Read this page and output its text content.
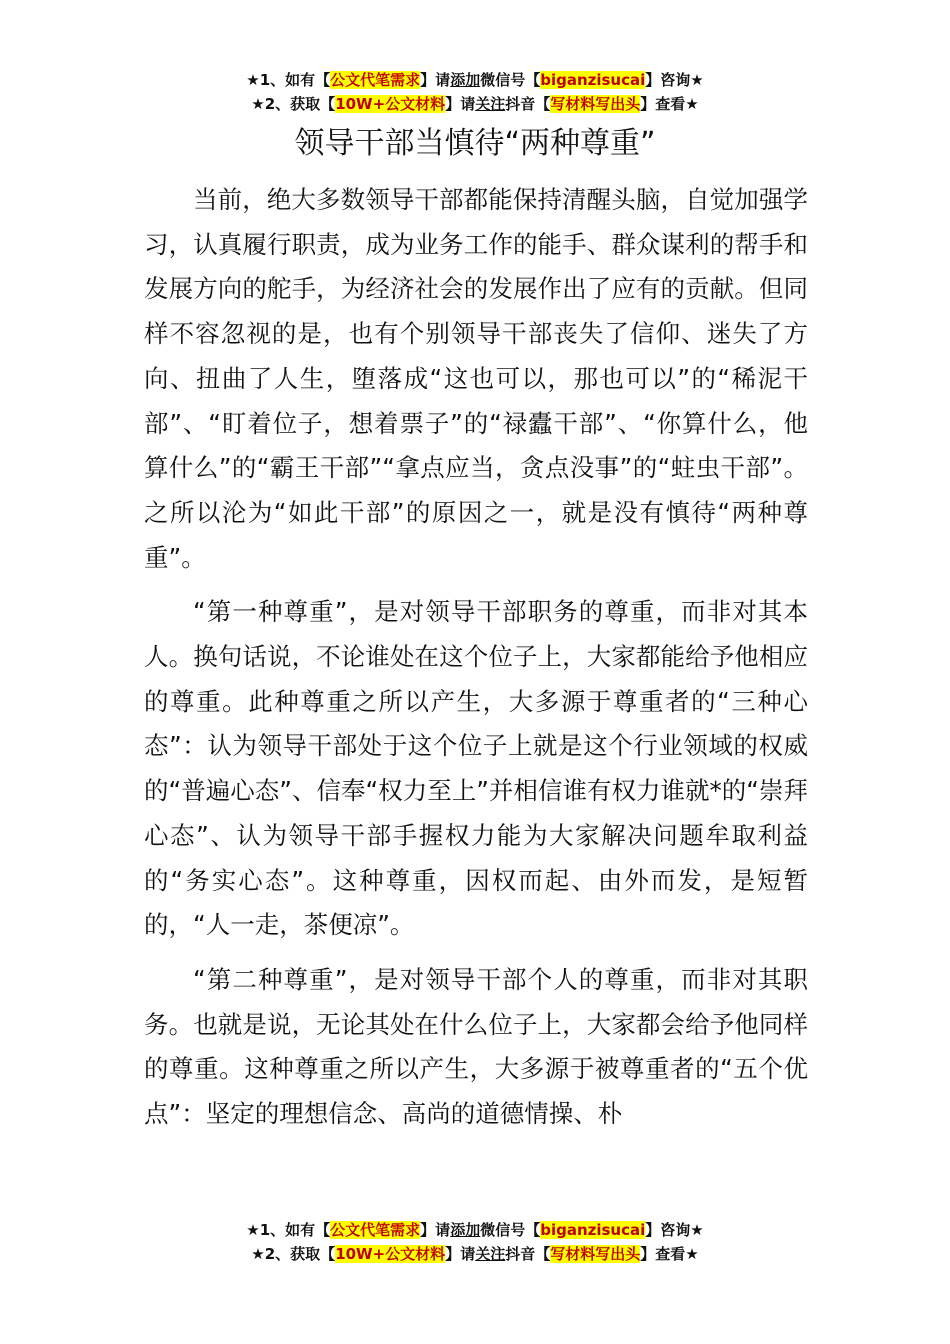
★1、如有【公文代笔需求】请添加微信号【biganzisucai】咨询★
★2、获取【10W+公文材料】请关注抖音【写材料写出头】查看★
领导干部当慎待“两种尊重”

当前，绝大多数领导干部都能保持清醒头脑，自觉加强学习，认真履行职责，成为业务工作的能手、群众谋利的帮手和发展方向的舵手，为经济社会的发展作出了应有的贡献。但同样不容忽视的是，也有个别领导干部丧失了信仰、迷失了方向、扭曲了人生，堕落成“这也可以，那也可以”的“稀泥干部”、“盯着位子，想着票子”的“禄蠹干部”、“你算什么，他算什么”的“霸王干部”“拿点应当，贪点没事”的“蛀虫干部”。之所以沦为“如此干部”的原因之一，就是没有慎待“两种尊重”。

“第一种尊重”，是对领导干部职务的尊重，而非对其本人。换句话说，不论谁处在这个位子上，大家都能给予他相应的尊重。此种尊重之所以产生，大多源于尊重者的“三种心态”：认为领导干部处于这个位子上就是这个行业领域的权威的“普遍心态”、信奉“权力至上”并相信谁有权力谁就*的“崇拜心态”、认为领导干部手握权力能为大家解决问题牟取利益的“务实心态”。这种尊重，因权而起、由外而发，是短暂的，“人一走，茶便凉”。

“第二种尊重”，是对领导干部个人的尊重，而非对其职务。也就是说，无论其处在什么位子上，大家都会给予他同样的尊重。这种尊重之所以产生，大多源于被尊重者的“五个优点”：坚定的理想信念、高尚的道德情操、朴

★1、如有【公文代笔需求】请添加微信号【biganzisucai】咨询★
★2、获取【10W+公文材料】请关注抖音【写材料写出头】查看★
